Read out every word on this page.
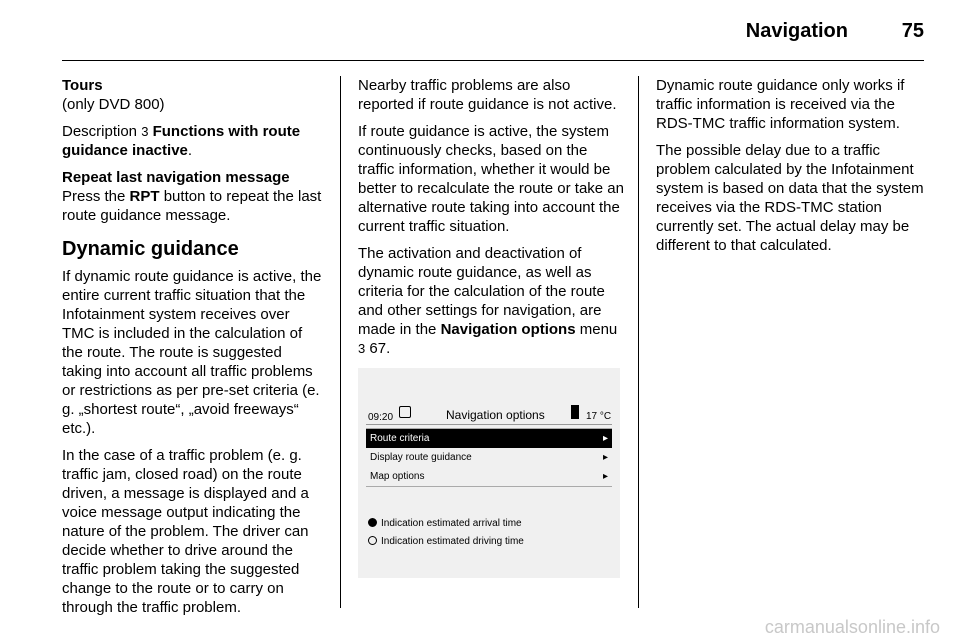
Navigation	75
Tours

(only DVD 800)

Description 3 Functions with route guidance inactive.

Repeat last navigation message

Press the RPT button to repeat the last route guidance message.

Dynamic guidance

If dynamic route guidance is active, the entire current traffic situation that the Infotainment system receives over TMC is included in the calculation of the route. The route is suggested taking into account all traffic problems or restrictions as per pre-set criteria (e. g. „shortest route“, „avoid freeways“ etc.).

In the case of a traffic problem (e. g. traffic jam, closed road) on the route driven, a message is displayed and a voice message output indicating the nature of the problem. The driver can decide whether to drive around the traffic problem taking the suggested change to the route or to carry on through the traffic problem.

Nearby traffic problems are also reported if route guidance is not active.

If route guidance is active, the system continuously checks, based on the traffic information, whether it would be better to recalculate the route or take an alternative route taking into account the current traffic situation.

The activation and deactivation of dynamic route guidance, as well as criteria for the calculation of the route and other settings for navigation, are made in the Navigation options menu 3 67.

09:20	Navigation options	17 °C
Route criteria	▸
Display route guidance	▸
Map options	▸
Indication estimated arrival time
Indication estimated driving time

Dynamic route guidance only works if traffic information is received via the RDS-TMC traffic information system.

The possible delay due to a traffic problem calculated by the Infotainment system is based on data that the system receives via the RDS-TMC station currently set. The actual delay may be different to that calculated.

carmanualsonline.info
